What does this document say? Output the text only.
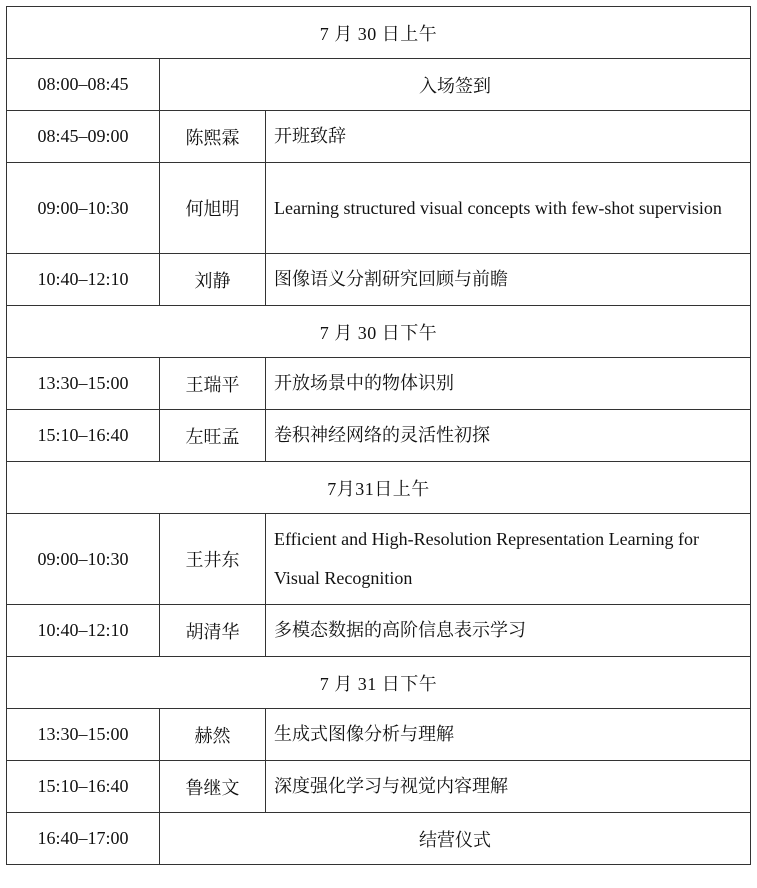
7 月 30 日上午		
08:00–08:45	入场签到	
08:45–09:00	陈熙霖	开班致辞
09:00–10:30	何旭明	Learning structured visual concepts with few-shot supervision
10:40–12:10	刘静	图像语义分割研究回顾与前瞻
7 月 30 日下午		
13:30–15:00	王瑞平	开放场景中的物体识别
15:10–16:40	左旺孟	卷积神经网络的灵活性初探
7月31日上午		
09:00–10:30	王井东	Efficient and High-Resolution Representation Learning for Visual Recognition
10:40–12:10	胡清华	多模态数据的高阶信息表示学习
7 月 31 日下午		
13:30–15:00	赫然	生成式图像分析与理解
15:10–16:40	鲁继文	深度强化学习与视觉内容理解
16:40–17:00	结营仪式	
